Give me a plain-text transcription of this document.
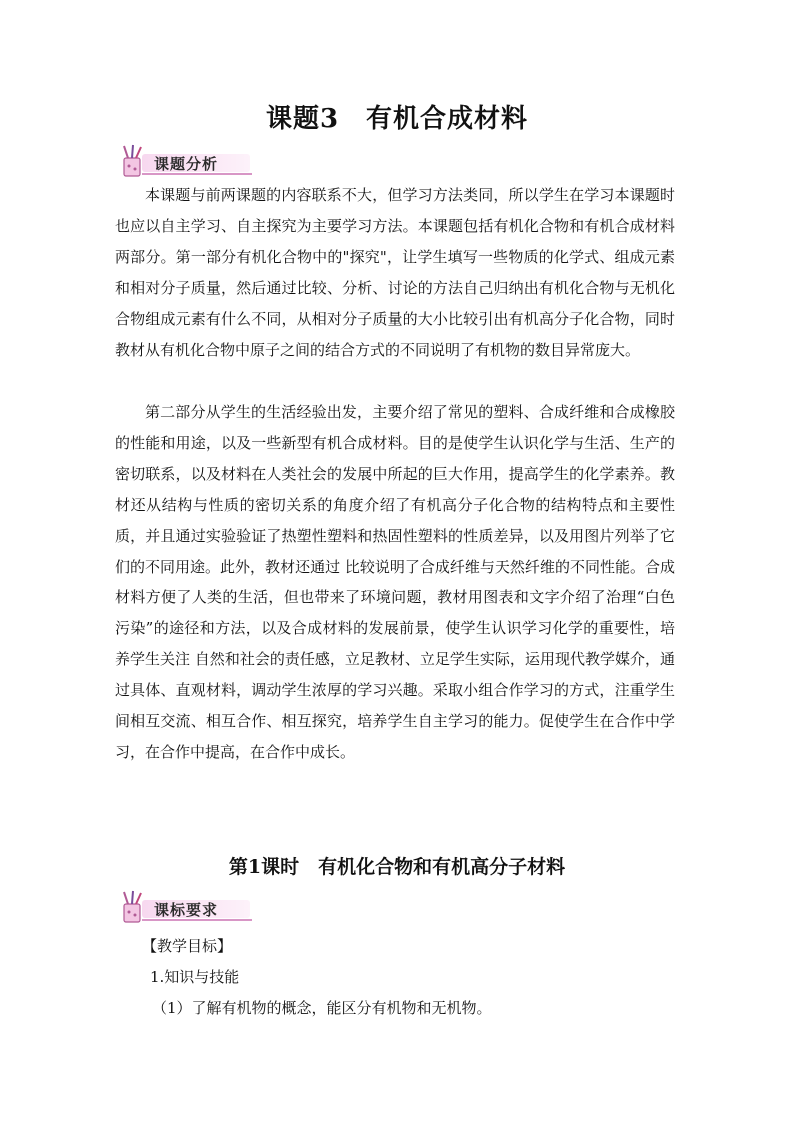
课题3　有机合成材料
课题分析

本课题与前两课题的内容联系不大，但学习方法类同，所以学生在学习本课题时也应以自主学习、自主探究为主要学习方法。本课题包括有机化合物和有机合成材料两部分。第一部分有机化合物中的"探究"，让学生填写一些物质的化学式、组成元素和相对分子质量，然后通过比较、分析、讨论的方法自己归纳出有机化合物与无机化合物组成元素有什么不同，从相对分子质量的大小比较引出有机高分子化合物，同时教材从有机化合物中原子之间的结合方式的不同说明了有机物的数目异常庞大。

第二部分从学生的生活经验出发，主要介绍了常见的塑料、合成纤维和合成橡胶的性能和用途，以及一些新型有机合成材料。目的是使学生认识化学与生活、生产的密切联系，以及材料在人类社会的发展中所起的巨大作用，提高学生的化学素养。教材还从结构与性质的密切关系的角度介绍了有机高分子化合物的结构特点和主要性质，并且通过实验验证了热塑性塑料和热固性塑料的性质差异，以及用图片列举了它们的不同用途。此外，教材还通过 比较说明了合成纤维与天然纤维的不同性能。合成材料方便了人类的生活，但也带来了环境问题，教材用图表和文字介绍了治理“白色污染”的途径和方法，以及合成材料的发展前景，使学生认识学习化学的重要性，培养学生关注 自然和社会的责任感，立足教材、立足学生实际，运用现代教学媒介，通过具体、直观材料，调动学生浓厚的学习兴趣。采取小组合作学习的方式，注重学生间相互交流、相互合作、相互探究，培养学生自主学习的能力。促使学生在合作中学习，在合作中提高，在合作中成长。

第1课时　有机化合物和有机高分子材料
课标要求
【教学目标】
1.知识与技能
（1）了解有机物的概念，能区分有机物和无机物。
